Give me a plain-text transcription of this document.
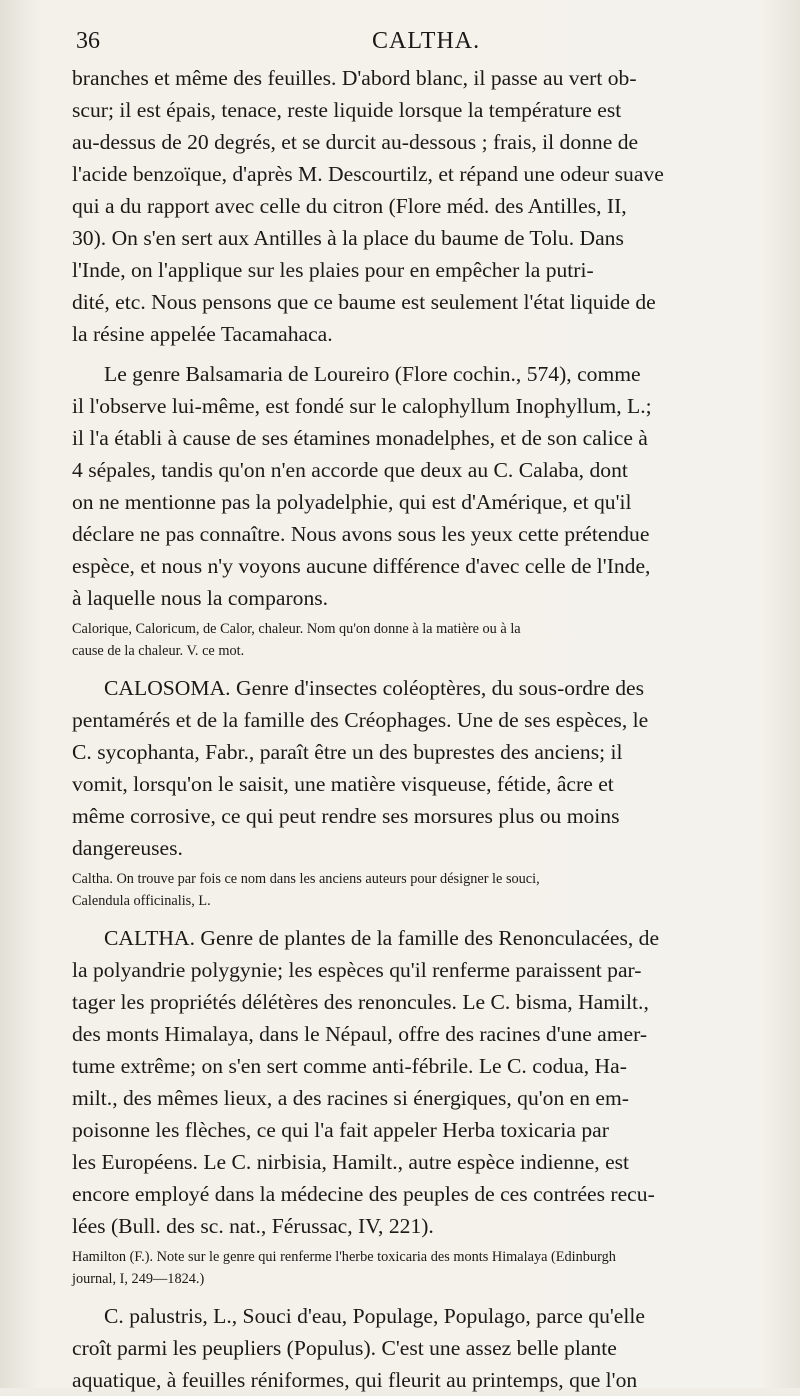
36	CALTHA.

branches et même des feuilles. D'abord blanc, il passe au vert ob-
scur; il est épais, tenace, reste liquide lorsque la température est
au-dessus de 20 degrés, et se durcit au-dessous ; frais, il donne de
l'acide benzoïque, d'après M. Descourtilz, et répand une odeur suave
qui a du rapport avec celle du citron (Flore méd. des Antilles, II,
30). On s'en sert aux Antilles à la place du baume de Tolu. Dans
l'Inde, on l'applique sur les plaies pour en empêcher la putri-
dité, etc. Nous pensons que ce baume est seulement l'état liquide de
la résine appelée Tacamahaca.

Le genre Balsamaria de Loureiro (Flore cochin., 574), comme
il l'observe lui-même, est fondé sur le calophyllum Inophyllum, L.;
il l'a établi à cause de ses étamines monadelphes, et de son calice à
4 sépales, tandis qu'on n'en accorde que deux au C. Calaba, dont
on ne mentionne pas la polyadelphie, qui est d'Amérique, et qu'il
déclare ne pas connaître. Nous avons sous les yeux cette prétendue
espèce, et nous n'y voyons aucune différence d'avec celle de l'Inde,
à laquelle nous la comparons.

Calorique, Caloricum, de Calor, chaleur. Nom qu'on donne à la matière ou à la
cause de la chaleur. V. ce mot.

CALOSOMA. Genre d'insectes coléoptères, du sous-ordre des
pentamérés et de la famille des Créophages. Une de ses espèces, le
C. sycophanta, Fabr., paraît être un des buprestes des anciens; il
vomit, lorsqu'on le saisit, une matière visqueuse, fétide, âcre et
même corrosive, ce qui peut rendre ses morsures plus ou moins
dangereuses.

Caltha. On trouve par fois ce nom dans les anciens auteurs pour désigner le souci,
Calendula officinalis, L.

CALTHA. Genre de plantes de la famille des Renonculacées, de
la polyandrie polygynie; les espèces qu'il renferme paraissent par-
tager les propriétés délétères des renoncules. Le C. bisma, Hamilt.,
des monts Himalaya, dans le Népaul, offre des racines d'une amer-
tume extrême; on s'en sert comme anti-fébrile. Le C. codua, Ha-
milt., des mêmes lieux, a des racines si énergiques, qu'on en em-
poisonne les flèches, ce qui l'a fait appeler Herba toxicaria par
les Européens. Le C. nirbisia, Hamilt., autre espèce indienne, est
encore employé dans la médecine des peuples de ces contrées recu-
lées (Bull. des sc. nat., Férussac, IV, 221).

Hamilton (F.). Note sur le genre qui renferme l'herbe toxicaria des monts Himalaya (Edinburgh
journal, I, 249—1824.)

C. palustris, L., Souci d'eau, Populage, Populago, parce qu'elle
croît parmi les peupliers (Populus). C'est une assez belle plante
aquatique, à feuilles réniformes, qui fleurit au printemps, que l'on
